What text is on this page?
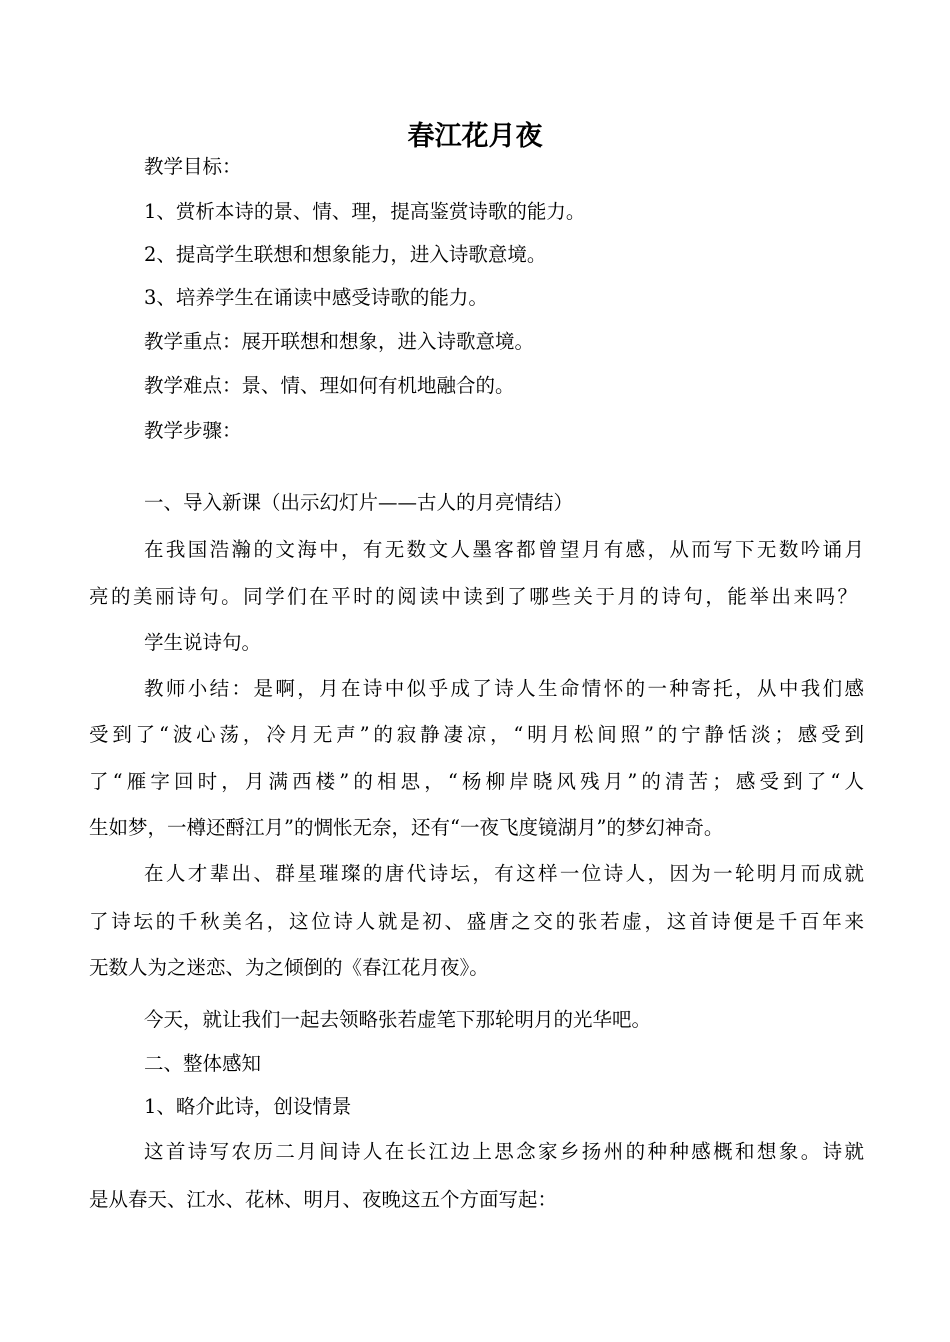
春江花月夜

教学目标：

1、赏析本诗的景、情、理，提高鉴赏诗歌的能力。

2、提高学生联想和想象能力，进入诗歌意境。

3、培养学生在诵读中感受诗歌的能力。

教学重点：展开联想和想象，进入诗歌意境。

教学难点：景、情、理如何有机地融合的。

教学步骤：

一、导入新课（出示幻灯片——古人的月亮情结）

在我国浩瀚的文海中，有无数文人墨客都曾望月有感，从而写下无数吟诵月

亮的美丽诗句。同学们在平时的阅读中读到了哪些关于月的诗句，能举出来吗？

学生说诗句。

教师小结：是啊，月在诗中似乎成了诗人生命情怀的一种寄托，从中我们感

受到了“波心荡，冷月无声”的寂静凄凉，“明月松间照”的宁静恬淡；感受到

了“雁字回时，月满西楼”的相思，“杨柳岸晓风残月”的清苦；感受到了“人

生如梦，一樽还酹江月”的惆怅无奈，还有“一夜飞度镜湖月”的梦幻神奇。

在人才辈出、群星璀璨的唐代诗坛，有这样一位诗人，因为一轮明月而成就

了诗坛的千秋美名，这位诗人就是初、盛唐之交的张若虚，这首诗便是千百年来

无数人为之迷恋、为之倾倒的《春江花月夜》。

今天，就让我们一起去领略张若虚笔下那轮明月的光华吧。

二、整体感知

1、略介此诗，创设情景

这首诗写农历二月间诗人在长江边上思念家乡扬州的种种感概和想象。诗就

是从春天、江水、花林、明月、夜晚这五个方面写起：
